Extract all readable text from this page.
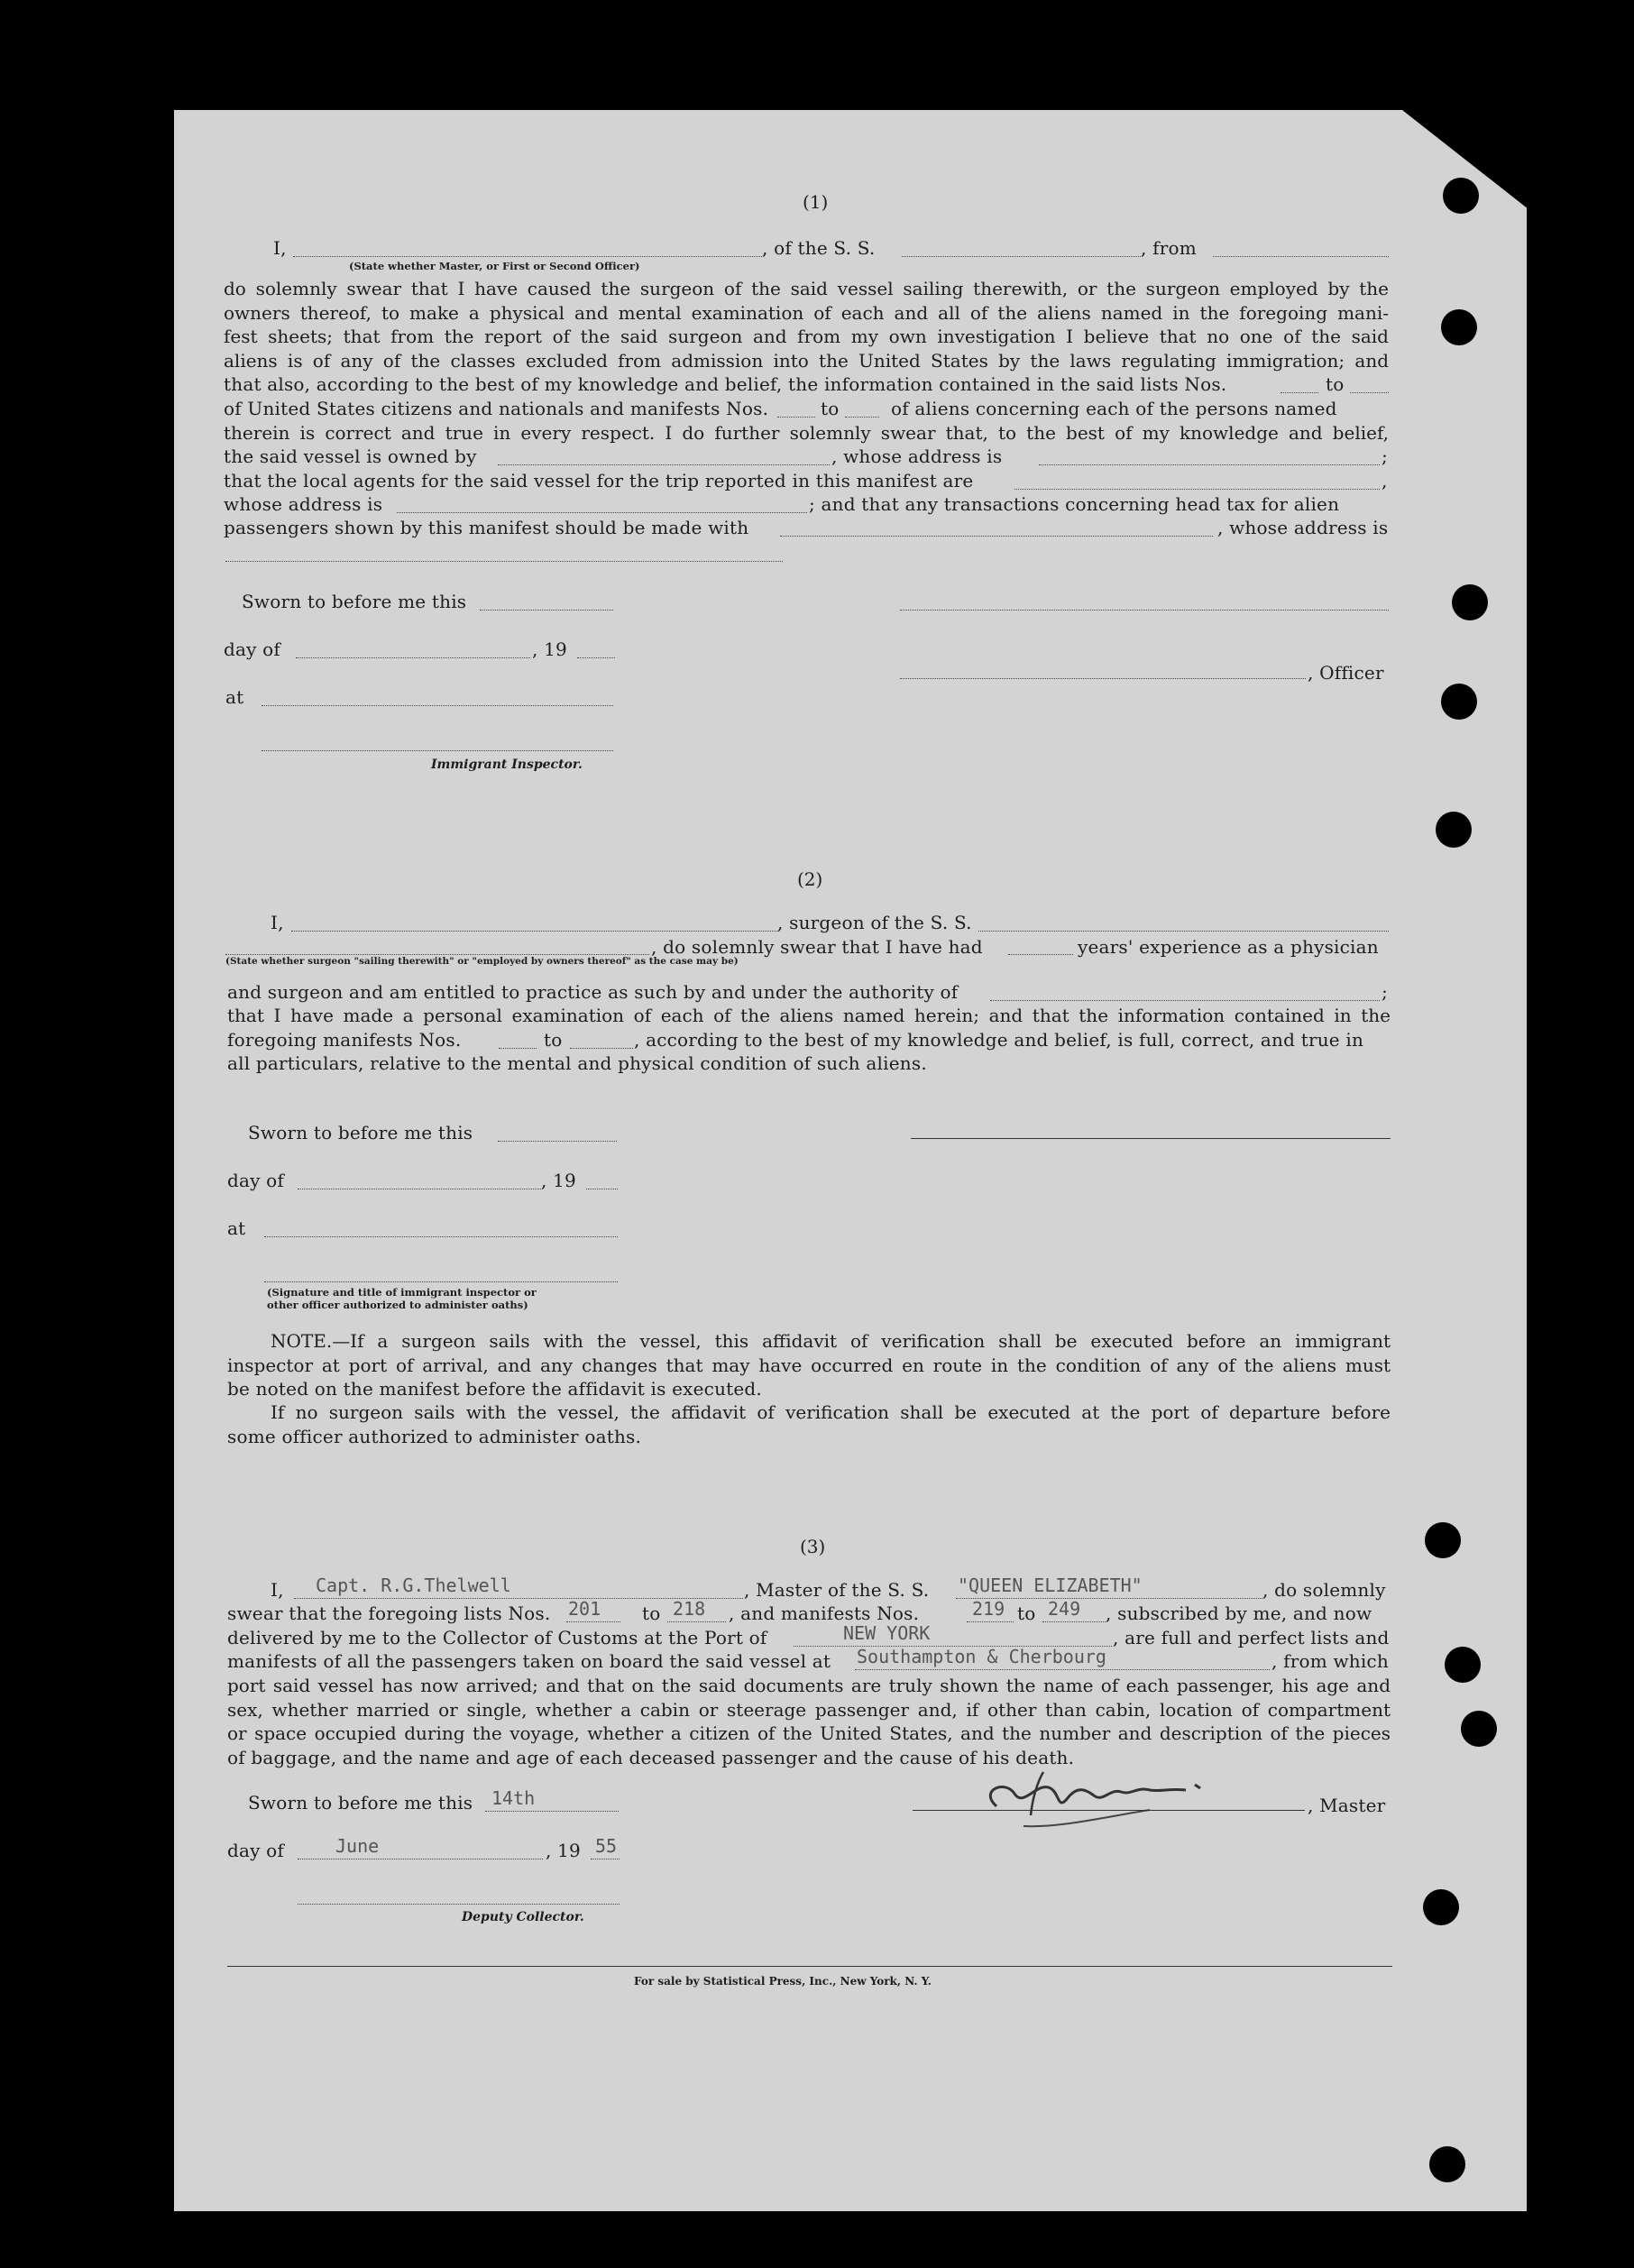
(1)
I,	, of the S. S.	, from
(State whether Master, or First or Second Officer)
do solemnly swear that I have caused the surgeon of the said vessel sailing therewith, or the surgeon employed by the
owners thereof, to make a physical and mental examination of each and all of the aliens named in the foregoing mani-
fest sheets; that from the report of the said surgeon and from my own investigation I believe that no one of the said
aliens is of any of the classes excluded from admission into the United States by the laws regulating immigration; and
that also, according to the best of my knowledge and belief, the information contained in the said lists Nos.	to
of United States citizens and nationals and manifests Nos.	to	of aliens concerning each of the persons named
therein is correct and true in every respect. I do further solemnly swear that, to the best of my knowledge and belief,
the said vessel is owned by	, whose address is	;
that the local agents for the said vessel for the trip reported in this manifest are	,
whose address is	; and that any transactions concerning head tax for alien
passengers shown by this manifest should be made with	, whose address is
Sworn to before me this
day of	, 19
, Officer
at
Immigrant Inspector.
(2)
I,	, surgeon of the S. S.
, do solemnly swear that I have had	years' experience as a physician
(State whether surgeon "sailing therewith" or "employed by owners thereof" as the case may be)
and surgeon and am entitled to practice as such by and under the authority of	;
that I have made a personal examination of each of the aliens named herein; and that the information contained in the
foregoing manifests Nos.	to	, according to the best of my knowledge and belief, is full, correct, and true in
all particulars, relative to the mental and physical condition of such aliens.
Sworn to before me this
day of	, 19
at
(Signature and title of immigrant inspector or
other officer authorized to administer oaths)
NOTE.—If a surgeon sails with the vessel, this affidavit of verification shall be executed before an immigrant
inspector at port of arrival, and any changes that may have occurred en route in the condition of any of the aliens must
be noted on the manifest before the affidavit is executed.
If no surgeon sails with the vessel, the affidavit of verification shall be executed at the port of departure before
some officer authorized to administer oaths.
(3)
I, Capt. R.G.Thelwell	, Master of the S. S. "QUEEN ELIZABETH"	, do solemnly
swear that the foregoing lists Nos. 201 to 218 , and manifests Nos.	219 to 249 , subscribed by me, and now
delivered by me to the Collector of Customs at the Port of	NEW YORK	, are full and perfect lists and
manifests of all the passengers taken on board the said vessel at Southampton & Cherbourg	, from which
port said vessel has now arrived; and that on the said documents are truly shown the name of each passenger, his age and
sex, whether married or single, whether a cabin or steerage passenger and, if other than cabin, location of compartment
or space occupied during the voyage, whether a citizen of the United States, and the number and description of the pieces
of baggage, and the name and age of each deceased passenger and the cause of his death.
Sworn to before me this 14th	, Master
day of	June	, 19 55
Deputy Collector.
For sale by Statistical Press, Inc., New York, N. Y.
